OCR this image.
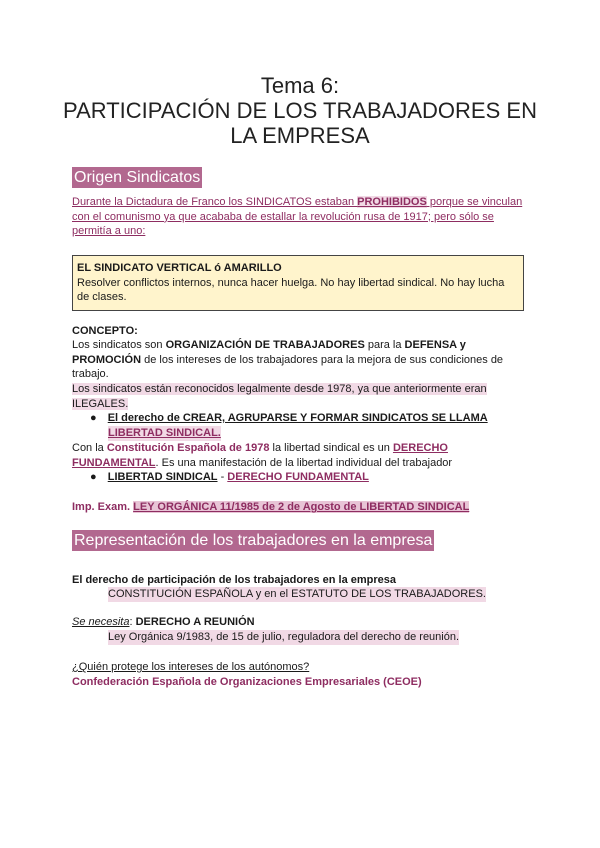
Tema 6:
PARTICIPACIÓN DE LOS TRABAJADORES EN
LA EMPRESA
Origen Sindicatos
Durante la Dictadura de Franco los SINDICATOS estaban PROHIBIDOS porque se vinculan
con el comunismo ya que acababa de estallar la revolución rusa de 1917; pero sólo se
permitía a uno:
EL SINDICATO VERTICAL ó AMARILLO
Resolver conflictos internos, nunca hacer huelga. No hay libertad sindical. No hay lucha
de clases.
CONCEPTO:
Los sindicatos son ORGANIZACIÓN DE TRABAJADORES para la DEFENSA y
PROMOCIÓN de los intereses de los trabajadores para la mejora de sus condiciones de
trabajo.
Los sindicatos están reconocidos legalmente desde 1978, ya que anteriormente eran
ILEGALES.
● El derecho de CREAR, AGRUPARSE Y FORMAR SINDICATOS SE LLAMA
LIBERTAD SINDICAL.
Con la Constitución Española de 1978 la libertad sindical es un DERECHO
FUNDAMENTAL. Es una manifestación de la libertad individual del trabajador
● LIBERTAD SINDICAL - DERECHO FUNDAMENTAL
Imp. Exam. LEY ORGÁNICA 11/1985 de 2 de Agosto de LIBERTAD SINDICAL
Representación de los trabajadores en la empresa
El derecho de participación de los trabajadores en la empresa
CONSTITUCIÓN ESPAÑOLA y en el ESTATUTO DE LOS TRABAJADORES.
Se necesita: DERECHO A REUNIÓN
Ley Orgánica 9/1983, de 15 de julio, reguladora del derecho de reunión.
¿Quién protege los intereses de los autónomos?
Confederación Española de Organizaciones Empresariales (CEOE)
